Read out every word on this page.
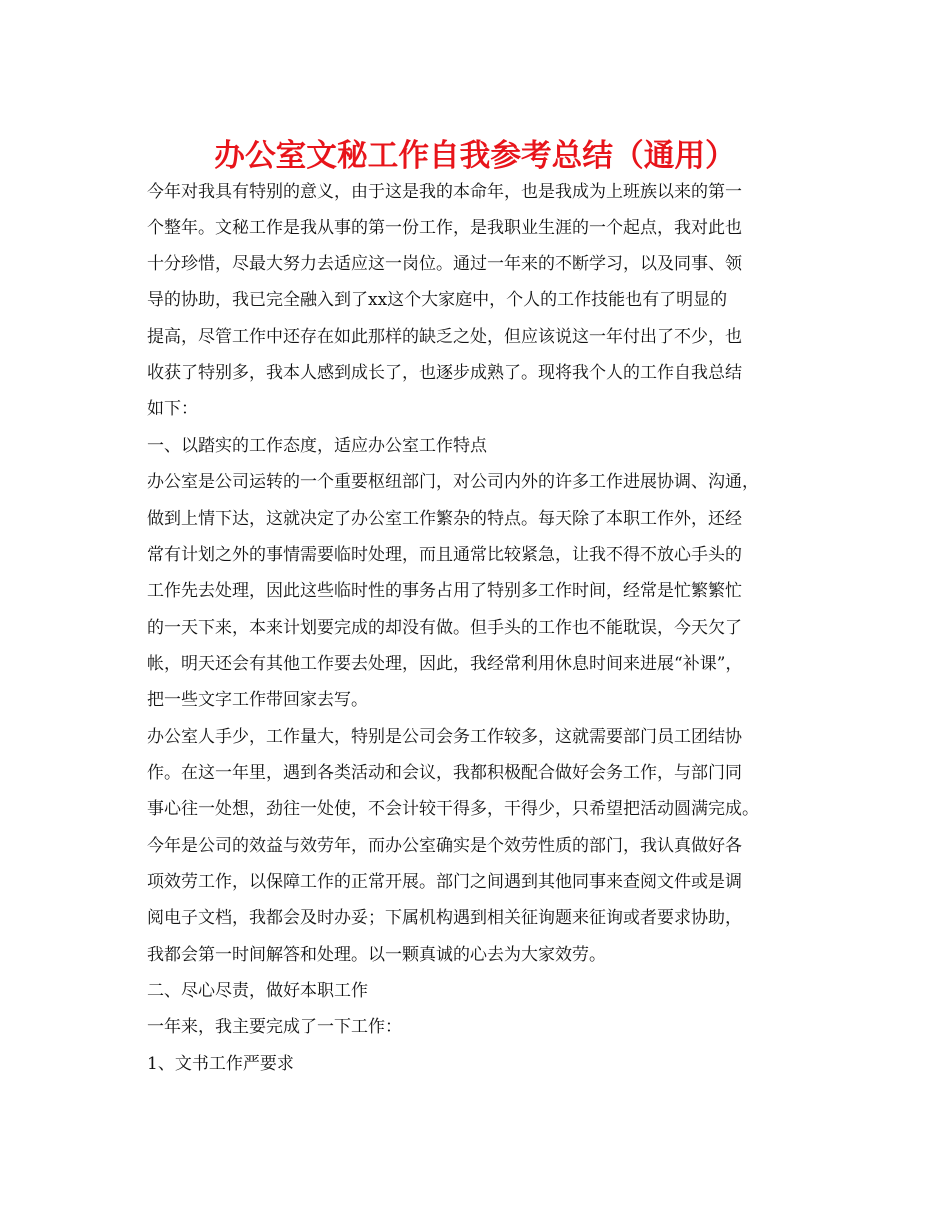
办公室文秘工作自我参考总结（通用）
今年对我具有特别的意义，由于这是我的本命年，也是我成为上班族以来的第一
个整年。文秘工作是我从事的第一份工作，是我职业生涯的一个起点，我对此也
十分珍惜，尽最大努力去适应这一岗位。通过一年来的不断学习，以及同事、领
导的协助，我已完全融入到了xx这个大家庭中，个人的工作技能也有了明显的
提高，尽管工作中还存在如此那样的缺乏之处，但应该说这一年付出了不少，也
收获了特别多，我本人感到成长了，也逐步成熟了。现将我个人的工作自我总结
如下：
一、以踏实的工作态度，适应办公室工作特点
办公室是公司运转的一个重要枢纽部门，对公司内外的许多工作进展协调、沟通，
做到上情下达，这就决定了办公室工作繁杂的特点。每天除了本职工作外，还经
常有计划之外的事情需要临时处理，而且通常比较紧急，让我不得不放心手头的
工作先去处理，因此这些临时性的事务占用了特别多工作时间，经常是忙繁繁忙
的一天下来，本来计划要完成的却没有做。但手头的工作也不能耽误，今天欠了
帐，明天还会有其他工作要去处理，因此，我经常利用休息时间来进展“补课”，
把一些文字工作带回家去写。
办公室人手少，工作量大，特别是公司会务工作较多，这就需要部门员工团结协
作。在这一年里，遇到各类活动和会议，我都积极配合做好会务工作，与部门同
事心往一处想，劲往一处使，不会计较干得多，干得少，只希望把活动圆满完成。
今年是公司的效益与效劳年，而办公室确实是个效劳性质的部门，我认真做好各
项效劳工作，以保障工作的正常开展。部门之间遇到其他同事来查阅文件或是调
阅电子文档，我都会及时办妥；下属机构遇到相关征询题来征询或者要求协助，
我都会第一时间解答和处理。以一颗真诚的心去为大家效劳。
二、尽心尽责，做好本职工作
一年来，我主要完成了一下工作：
1、文书工作严要求
